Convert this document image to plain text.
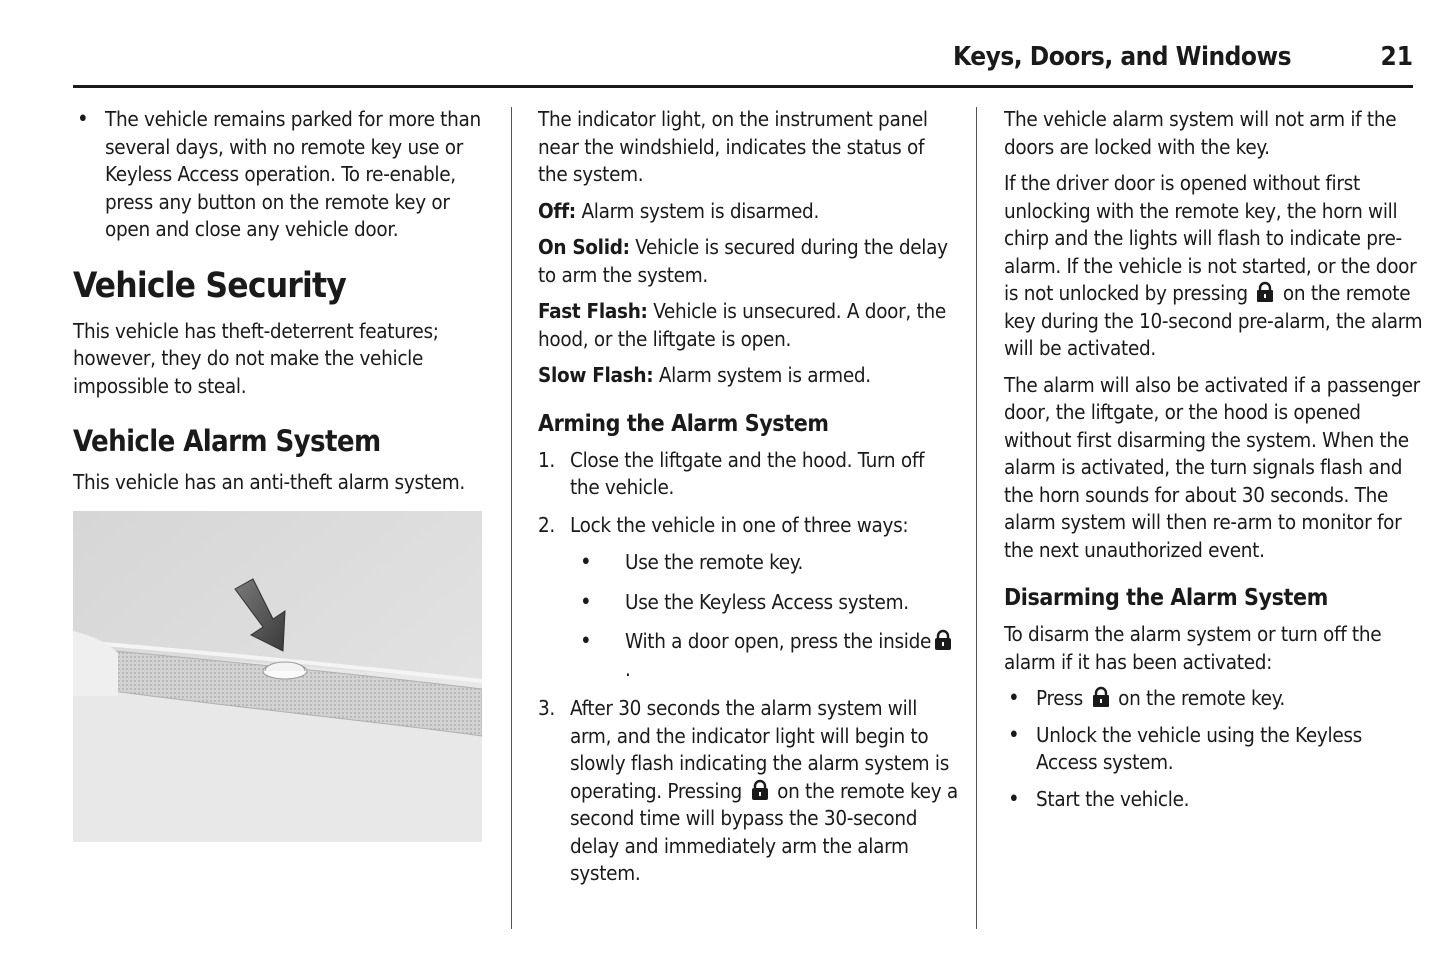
Keys, Doors, and Windows	21
• The vehicle remains parked for more than several days, with no remote key use or Keyless Access operation. To re-enable, press any button on the remote key or open and close any vehicle door.
Vehicle Security

This vehicle has theft-deterrent features; however, they do not make the vehicle impossible to steal.

Vehicle Alarm System

This vehicle has an anti-theft alarm system.

The indicator light, on the instrument panel near the windshield, indicates the status of the system.

Off: Alarm system is disarmed.

On Solid: Vehicle is secured during the delay to arm the system.

Fast Flash: Vehicle is unsecured. A door, the hood, or the liftgate is open.

Slow Flash: Alarm system is armed.

Arming the Alarm System
1. Close the liftgate and the hood. Turn off the vehicle.
2. Lock the vehicle in one of three ways:
• Use the remote key.
• Use the Keyless Access system.
• With a door open, press the inside.
3. After 30 seconds the alarm system will arm, and the indicator light will begin to slowly flash indicating the alarm system is operating. Pressing on the remote key a second time will bypass the 30-second delay and immediately arm the alarm system.

The vehicle alarm system will not arm if the doors are locked with the key.

If the driver door is opened without first unlocking with the remote key, the horn will chirp and the lights will flash to indicate pre-alarm. If the vehicle is not started, or the door is not unlocked by pressing on the remote key during the 10-second pre-alarm, the alarm will be activated.

The alarm will also be activated if a passenger door, the liftgate, or the hood is opened without first disarming the system. When the alarm is activated, the turn signals flash and the horn sounds for about 30 seconds. The alarm system will then re-arm to monitor for the next unauthorized event.

Disarming the Alarm System

To disarm the alarm system or turn off the alarm if it has been activated:

• Press on the remote key.
• Unlock the vehicle using the Keyless Access system.
• Start the vehicle.
